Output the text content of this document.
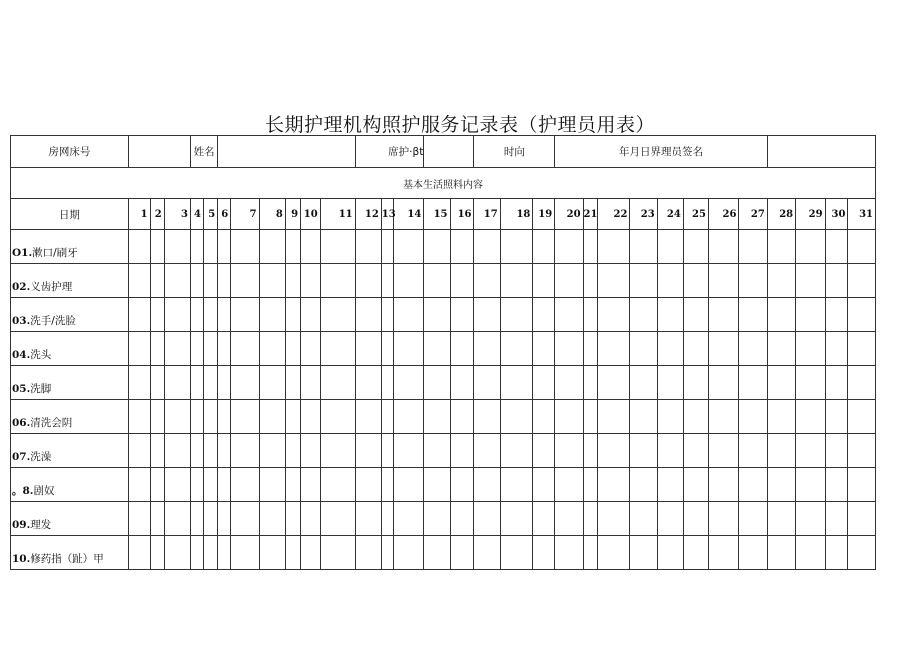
长期护理机构照护服务记录表（护理员用表）
房网床号				姓名								席护·βt					时向			年月日界理员签名											
基本生活照料内容																															
日期	1	2	3	4	5	6	7	8	9	10	11	12	13	14	15	16	17	18	19	20	21	22	23	24	25	26	27	28	29	30	31
O1.漱口/刷牙																															
02.义齿护理																															
03.洗手/洗脸																															
04.洗头																															
05.洗脚																															
06.清洗会阴																															
07.洗澡																															
。8.剧奴																															
09.理发																															
10.修药指（趾）甲																															
